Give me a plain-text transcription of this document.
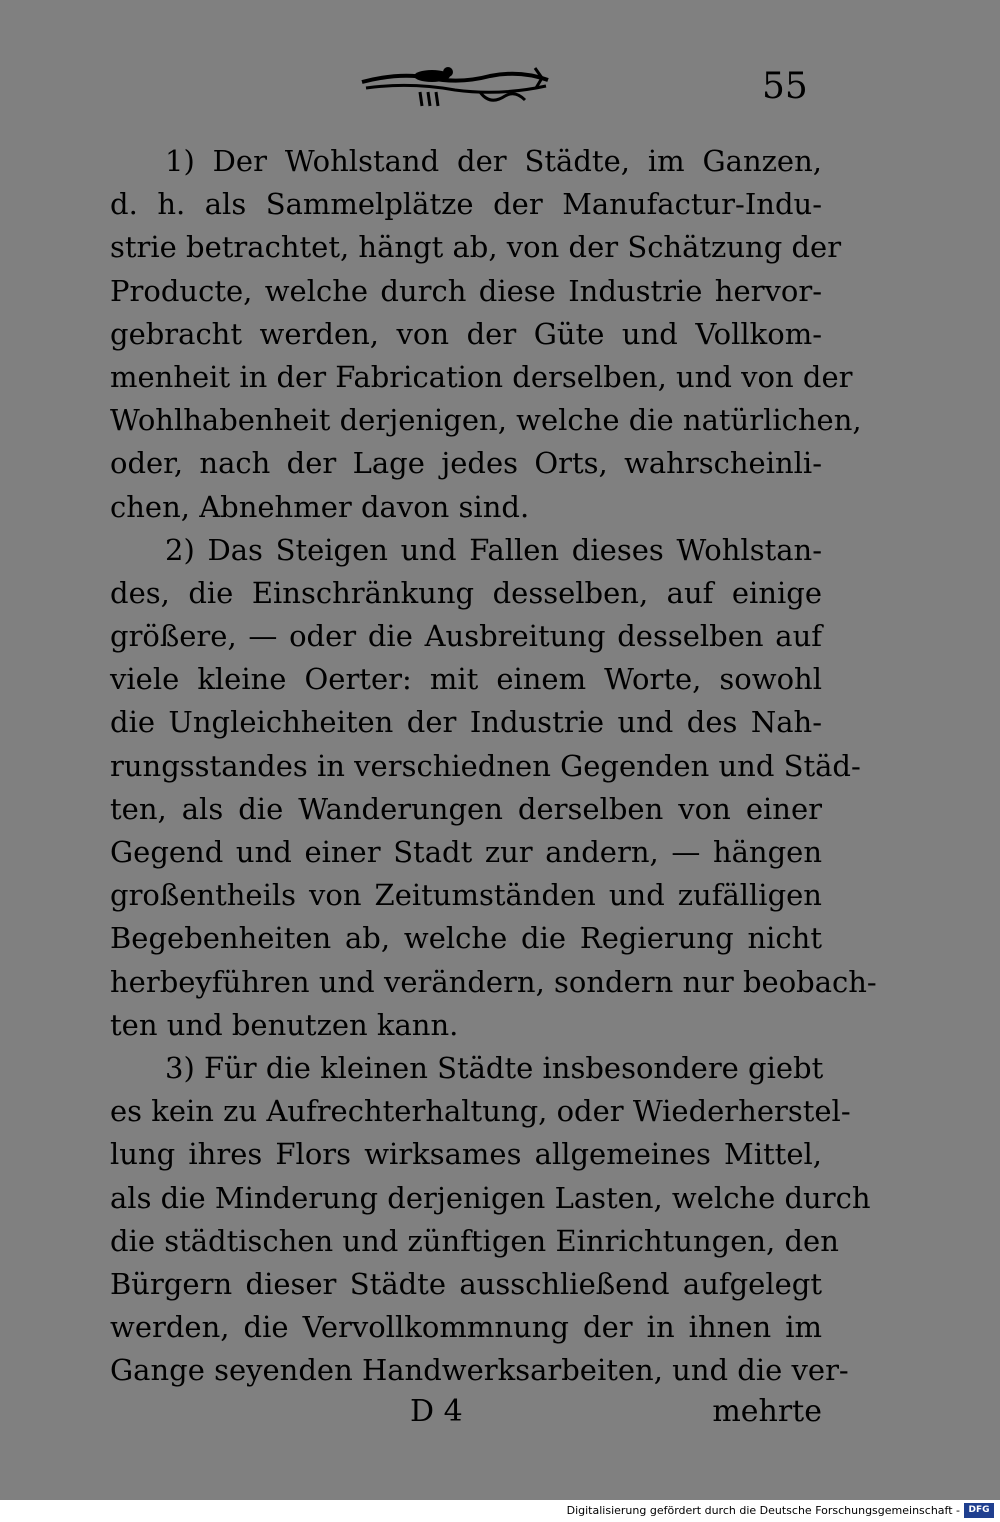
55
1) Der Wohlstand der Städte, im Ganzen,
d. h. als Sammelplätze der Manufactur-Indu-
strie betrachtet, hängt ab, von der Schätzung der
Producte, welche durch diese Industrie hervor-
gebracht werden, von der Güte und Vollkom-
menheit in der Fabrication derselben, und von der
Wohlhabenheit derjenigen, welche die natürlichen,
oder, nach der Lage jedes Orts, wahrscheinli-
chen, Abnehmer davon sind.
2) Das Steigen und Fallen dieses Wohlstan-
des, die Einschränkung desselben, auf einige
größere, — oder die Ausbreitung desselben auf
viele kleine Oerter: mit einem Worte, sowohl
die Ungleichheiten der Industrie und des Nah-
rungsstandes in verschiednen Gegenden und Städ-
ten, als die Wanderungen derselben von einer
Gegend und einer Stadt zur andern, — hängen
großentheils von Zeitumständen und zufälligen
Begebenheiten ab, welche die Regierung nicht
herbeyführen und verändern, sondern nur beobach-
ten und benutzen kann.
3) Für die kleinen Städte insbesondere giebt
es kein zu Aufrechterhaltung, oder Wiederherstel-
lung ihres Flors wirksames allgemeines Mittel,
als die Minderung derjenigen Lasten, welche durch
die städtischen und zünftigen Einrichtungen, den
Bürgern dieser Städte ausschließend aufgelegt
werden, die Vervollkommnung der in ihnen im
Gange seyenden Handwerksarbeiten, und die ver-
D 4	mehrte
Digitalisierung gefördert durch die Deutsche Forschungsgemeinschaft - DFG
